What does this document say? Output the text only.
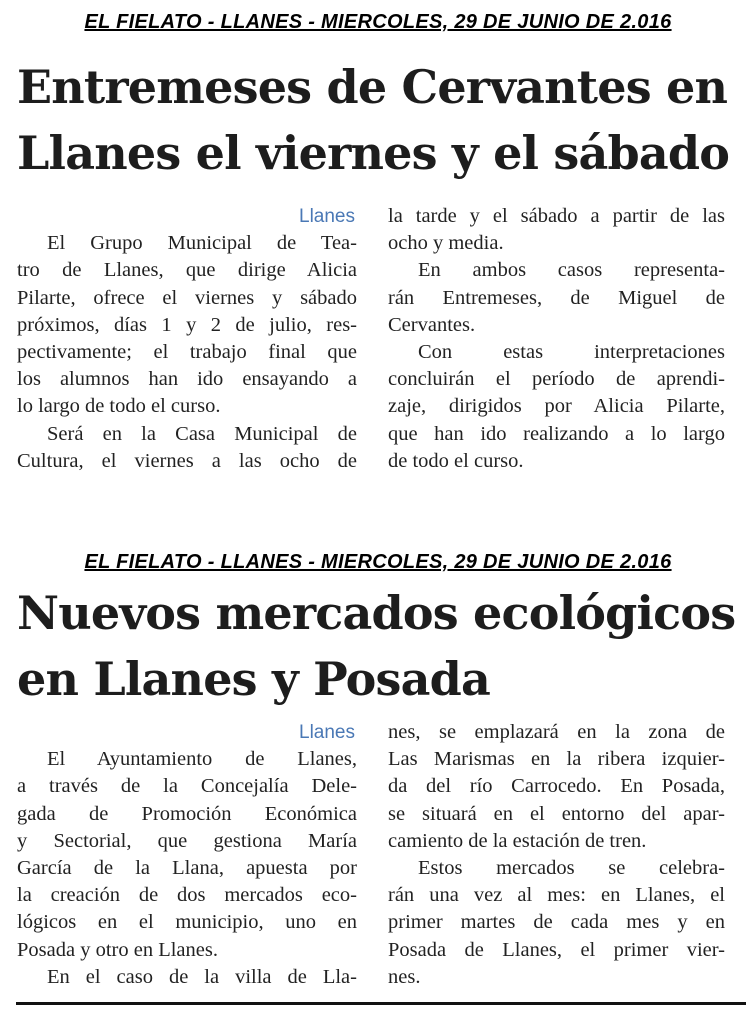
EL FIELATO - LLANES - MIERCOLES, 29 DE JUNIO DE 2.016
Entremeses de Cervantes en
Llanes el viernes y el sábado
Llanes
El Grupo Municipal de Tea-
tro de Llanes, que dirige Alicia
Pilarte, ofrece el viernes y sábado
próximos, días 1 y 2 de julio, res-
pectivamente; el trabajo final que
los alumnos han ido ensayando a
lo largo de todo el curso.
Será en la Casa Municipal de
Cultura, el viernes a las ocho de
la tarde y el sábado a partir de las
ocho y media.
En ambos casos representa-
rán Entremeses, de Miguel de
Cervantes.
Con estas interpretaciones
concluirán el período de aprendi-
zaje, dirigidos por Alicia Pilarte,
que han ido realizando a lo largo
de todo el curso.
EL FIELATO - LLANES - MIERCOLES, 29 DE JUNIO DE 2.016
Nuevos mercados ecológicos
en Llanes y Posada
Llanes
El Ayuntamiento de Llanes,
a través de la Concejalía Dele-
gada de Promoción Económica
y Sectorial, que gestiona María
García de la Llana, apuesta por
la creación de dos mercados eco-
lógicos en el municipio, uno en
Posada y otro en Llanes.
En el caso de la villa de Lla-
nes, se emplazará en la zona de
Las Marismas en la ribera izquier-
da del río Carrocedo. En Posada,
se situará en el entorno del apar-
camiento de la estación de tren.
Estos mercados se celebra-
rán una vez al mes: en Llanes, el
primer martes de cada mes y en
Posada de Llanes, el primer vier-
nes.
